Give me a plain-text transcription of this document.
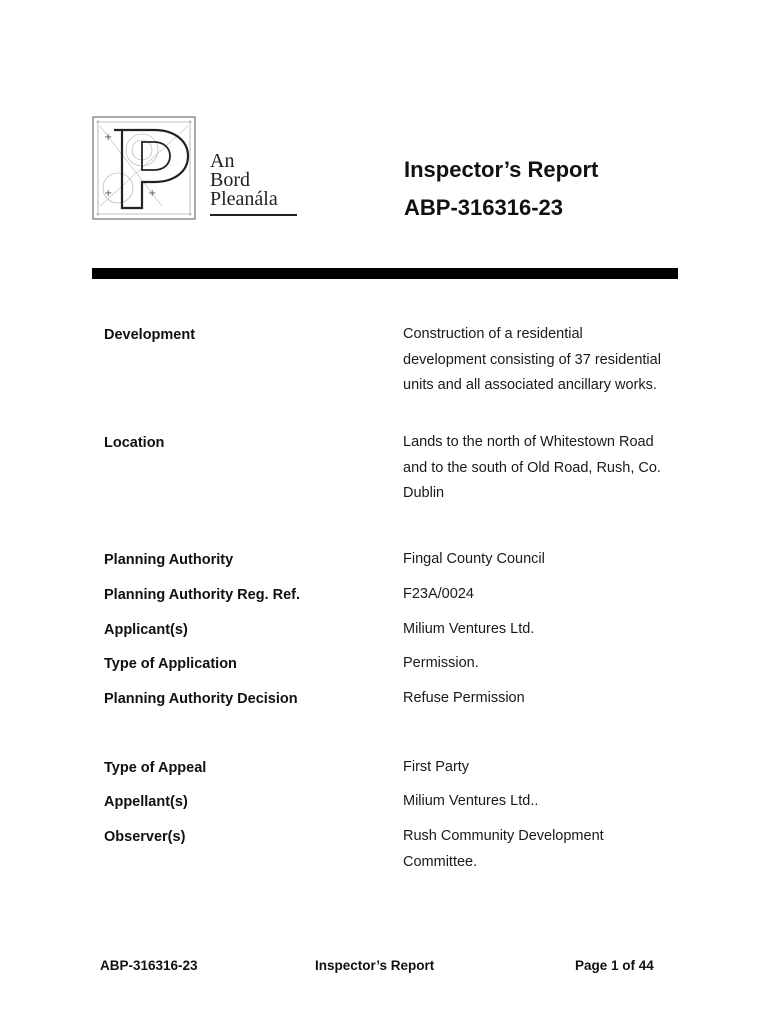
+
+	+
An
Bord
Pleanála
Inspector’s Report
ABP-316316-23
Development	Construction of a residential development consisting of 37 residential units and all associated ancillary works.
Location	Lands to the north of Whitestown Road and to the south of Old Road, Rush, Co. Dublin
Planning Authority	Fingal County Council
Planning Authority Reg. Ref.	F23A/0024
Applicant(s)	Milium Ventures Ltd.
Type of Application	Permission.
Planning Authority Decision	Refuse Permission
Type of Appeal	First Party
Appellant(s)	Milium Ventures Ltd..
Observer(s)	Rush Community Development Committee.
ABP-316316-23	Inspector’s Report	Page 1 of 44
